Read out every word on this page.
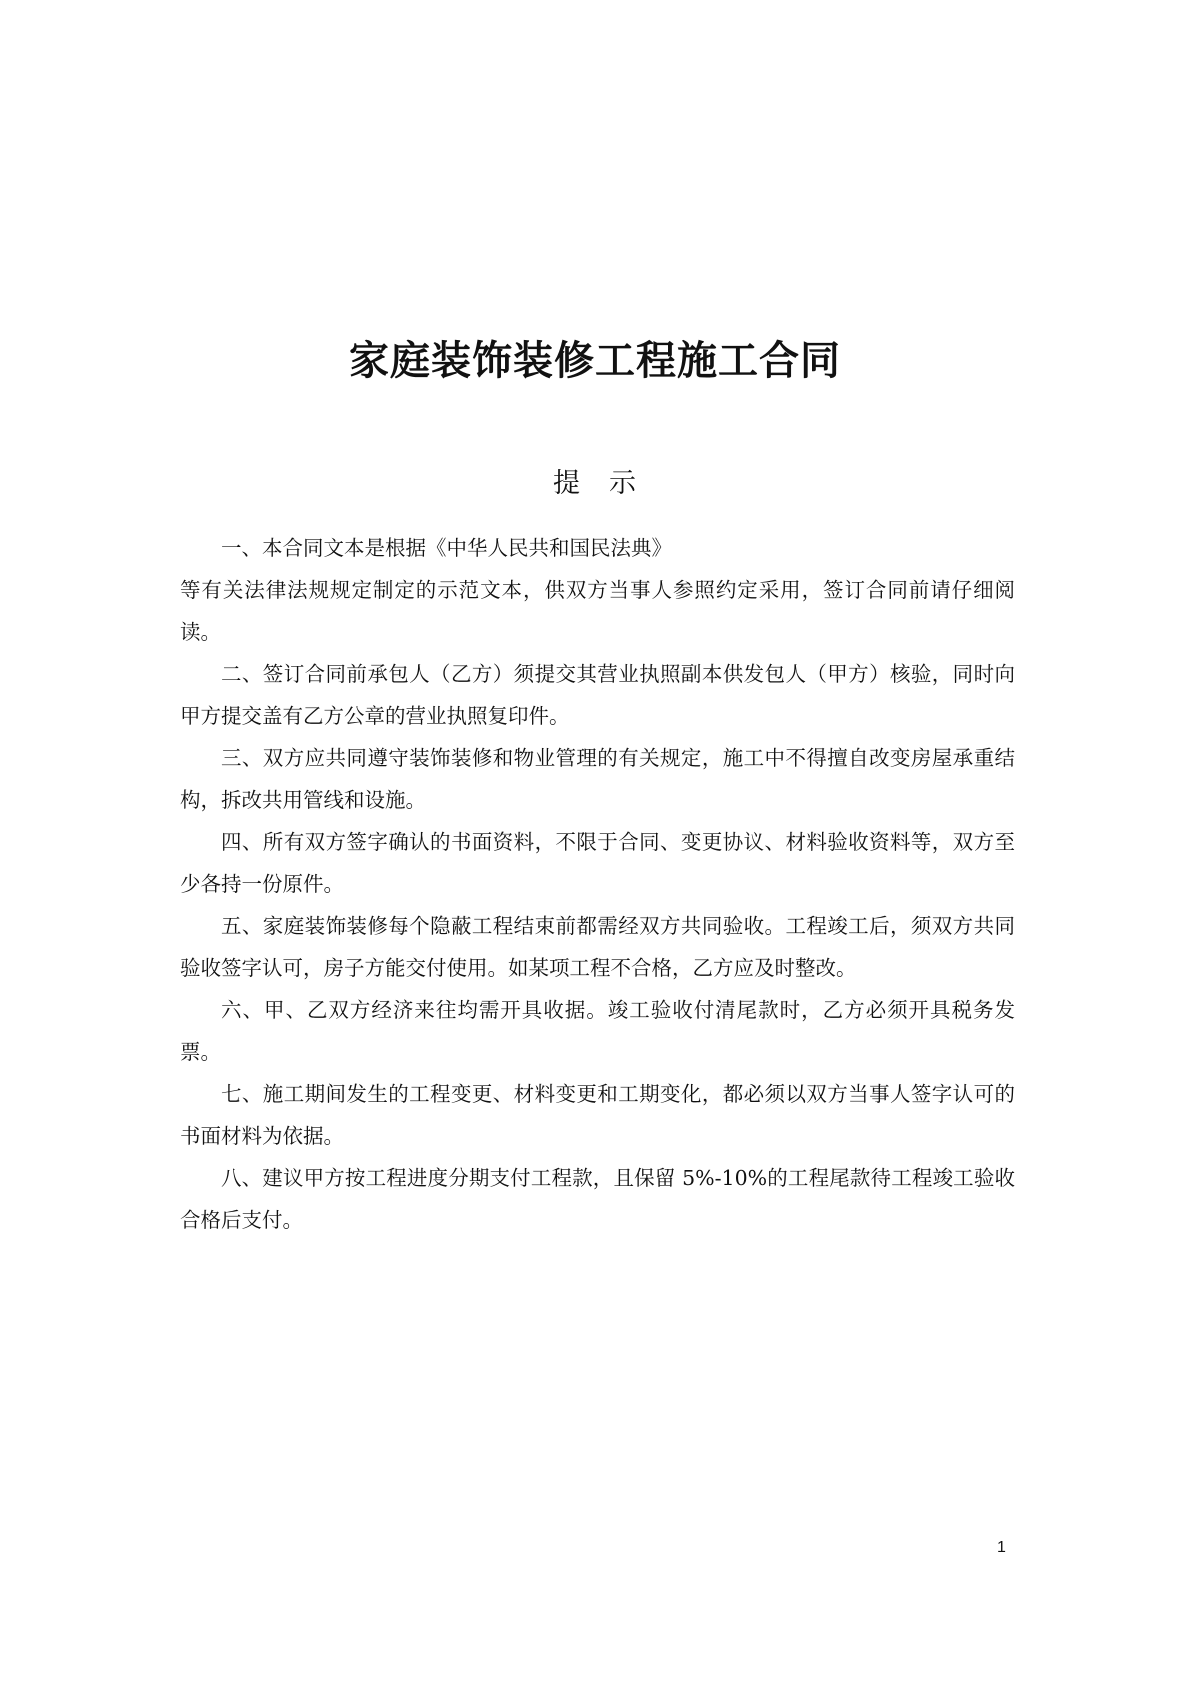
家庭装饰装修工程施工合同
提　示

一、本合同文本是根据《中华人民共和国民法典》

等有关法律法规规定制定的示范文本，供双方当事人参照约定采用，签订合同前请仔细阅读。

二、签订合同前承包人（乙方）须提交其营业执照副本供发包人（甲方）核验，同时向甲方提交盖有乙方公章的营业执照复印件。

三、双方应共同遵守装饰装修和物业管理的有关规定，施工中不得擅自改变房屋承重结构，拆改共用管线和设施。

四、所有双方签字确认的书面资料，不限于合同、变更协议、材料验收资料等，双方至少各持一份原件。

五、家庭装饰装修每个隐蔽工程结束前都需经双方共同验收。工程竣工后，须双方共同验收签字认可，房子方能交付使用。如某项工程不合格，乙方应及时整改。

六、甲、乙双方经济来往均需开具收据。竣工验收付清尾款时，乙方必须开具税务发票。

七、施工期间发生的工程变更、材料变更和工期变化，都必须以双方当事人签字认可的书面材料为依据。

八、建议甲方按工程进度分期支付工程款，且保留 5%-10%的工程尾款待工程竣工验收合格后支付。

1
